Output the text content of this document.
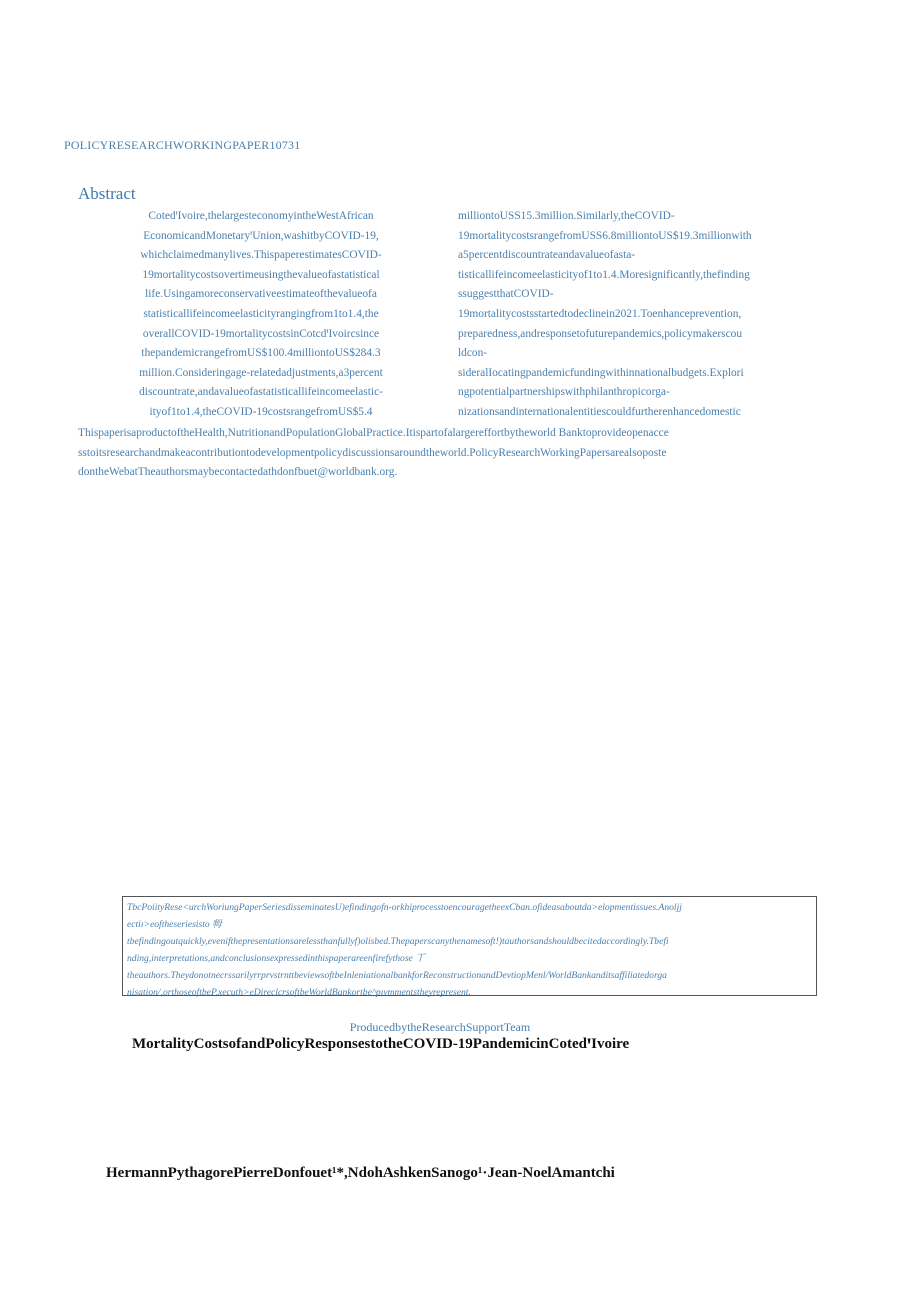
POLICYRESEARCHWORKINGPAPER10731
Abstract
CotedꞌIvoire,thelargesteconomyintheWestAfrican
EconomicandMonetaryꞌUnion,washitbyCOVID-19,
whichclaimedmanylives.ThispaperestimatesCOVID-
19mortalitycostsovertimeusingthevalueofastatistical
life.Usingamoreconservativeestimateofthevalueofa
statisticallifeincomeelasticityrangingfrom1to1.4,the
overallCOVID-19mortalitycostsinCotcdꞌIvoircsince
thepandemicrangefromUS$100.4milliontoUS$284.3
million.Consideringage-relatedadjustments,a3percent
discountrate,andavalueofastatisticallifeincomeelastic-
ityof1to1.4,theCOVID-19costsrangefromUS$5.4
milliontoUSS15.3million.Similarly,theCOVID-
19mortalitycostsrangefromUSS6.8milliontoUS$19.3millionwith
a5percentdiscountrateandavalueofasta-
tisticallifeincomeelasticityof1to1.4.Moresignificantly,thefinding
ssuggestthatCOVID-
19mortalitycostsstartedtodeclinein2021.Toenhanceprevention,
preparedness,andresponsetofuturepandemics,policymakerscou
ldcon-
sideralIocatingpandemicfundingwithinnationalbudgets.Explori
ngpotentialpartnershipswithphilanthropicorga-
nizationsandinternationalentitiescouldfurtherenhancedomestic
ThispaperisaproductoftheHealth,NutritionandPopulationGlobalPractice.Itispartofalargereffortbytheworld Banktoprovideopenacce
sstoitsresearchandmakeacontributiontodevelopmentpolicydiscussionsaroundtheworld.PolicyResearchWorkingPapersarealsoposte
dontheWebatTheauthorsmaybecontactedathdonfbuet@worldbank.org.
TbcPoiityRese<urchWoriungPaperSeriesdisseminatesU)efindingofn-orkhiprocesstoencouragetheexCban.ofideasaboutda>elopmentissues.Anoljj
ectiı>eoftheseriesisto 牳
tbefindingoutquickly,evenifthepresentationsarelessthanfullyf)olisbed.Thepaperscanythenamesoft!)tauthorsandshouldbecitedaccordingly.Tbefi
nding,interpretations,andconclusionsexpressedinthispaperareenfirefythose 丅
theauthors.TheydonotnecrssarilyrrprvstrnttbeviewsoftbeInleniationalbankforReconstructionandDevtiopMenl/WorldBankanditsaffiliatedorga
nisation/,orthoseoftbeP,xecuth>eDireclcrsoftbeWorldBankortbe^pıvmmentstheyrepresent.
ProducedbytheResearchSupportTeam
MortalityCostsofandPolicyResponsestotheCOVID-19PandemicinCotedꞌIvoire
HermannPythagorePierreDonfouet¹*,NdohAshkenSanogo¹·Jean-NoelAmantchi
